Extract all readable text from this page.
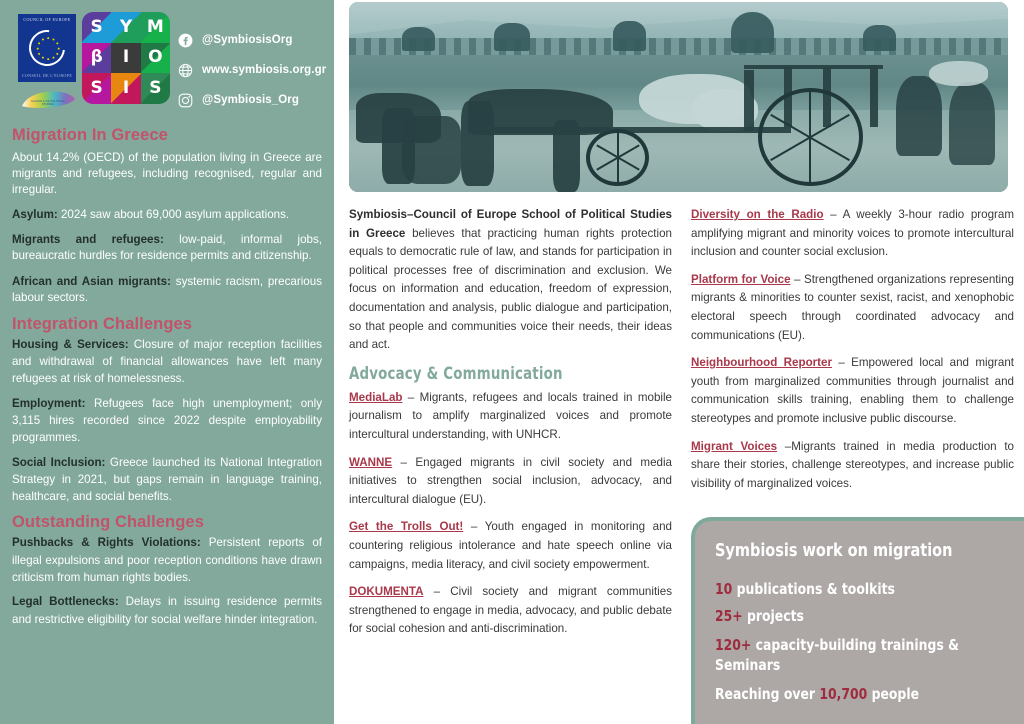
COUNCIL OF EUROPE
CONSEIL DE L'EUROPE
SCHOOLS OF POLITICAL STUDIES
S	Y M
β	I	O
S	I	S
@SymbiosisOrg
www.symbiosis.org.gr
@Symbiosis_Org
Migration In Greece

About 14.2% (OECD) of the population living in Greece are migrants and refugees, including recognised, regular and irregular.

Asylum: 2024 saw about 69,000 asylum applications.

Migrants and refugees: low-paid, informal jobs, bureaucratic hurdles for residence permits and citizenship.

African and Asian migrants: systemic racism, precarious labour sectors.

Integration Challenges

Housing & Services: Closure of major reception facilities and withdrawal of financial allowances have left many refugees at risk of homelessness.

Employment: Refugees face high unemployment; only 3,115 hires recorded since 2022 despite employability programmes.

Social Inclusion: Greece launched its National Integration Strategy in 2021, but gaps remain in language training, healthcare, and social benefits.

Outstanding Challenges

Pushbacks & Rights Violations: Persistent reports of illegal expulsions and poor reception conditions have drawn criticism from human rights bodies.

Legal Bottlenecks: Delays in issuing residence permits and restrictive eligibility for social welfare hinder integration.

Symbiosis–Council of Europe School of Political Studies in Greece believes that practicing human rights protection equals to democratic rule of law, and stands for participation in political processes free of discrimination and exclusion. We focus on information and education, freedom of expression, documentation and analysis, public dialogue and participation, so that people and communities voice their needs, their ideas and act.

Advocacy & Communication

MediaLab – Migrants, refugees and locals trained in mobile journalism to amplify marginalized voices and promote intercultural understanding, with UNHCR.

WANNE – Engaged migrants in civil society and media initiatives to strengthen social inclusion, advocacy, and intercultural dialogue (EU).

Get the Trolls Out! – Youth engaged in monitoring and countering religious intolerance and hate speech online via campaigns, media literacy, and civil society empowerment.

DOKUMENTA – Civil society and migrant communities strengthened to engage in media, advocacy, and public debate for social cohesion and anti-discrimination.

Diversity on the Radio – A weekly 3-hour radio program amplifying migrant and minority voices to promote intercultural inclusion and counter social exclusion.

Platform for Voice – Strengthened organizations representing migrants & minorities to counter sexist, racist, and xenophobic electoral speech through coordinated advocacy and communications (EU).

Neighbourhood Reporter – Empowered local and migrant youth from marginalized communities through journalist and communication skills training, enabling them to challenge stereotypes and promote inclusive public discourse.

Migrant Voices –Migrants trained in media production to share their stories, challenge stereotypes, and increase public visibility of marginalized voices.

Symbiosis work on migration
10 publications & toolkits
25+ projects
120+ capacity-building trainings & Seminars
Reaching over 10,700 people
